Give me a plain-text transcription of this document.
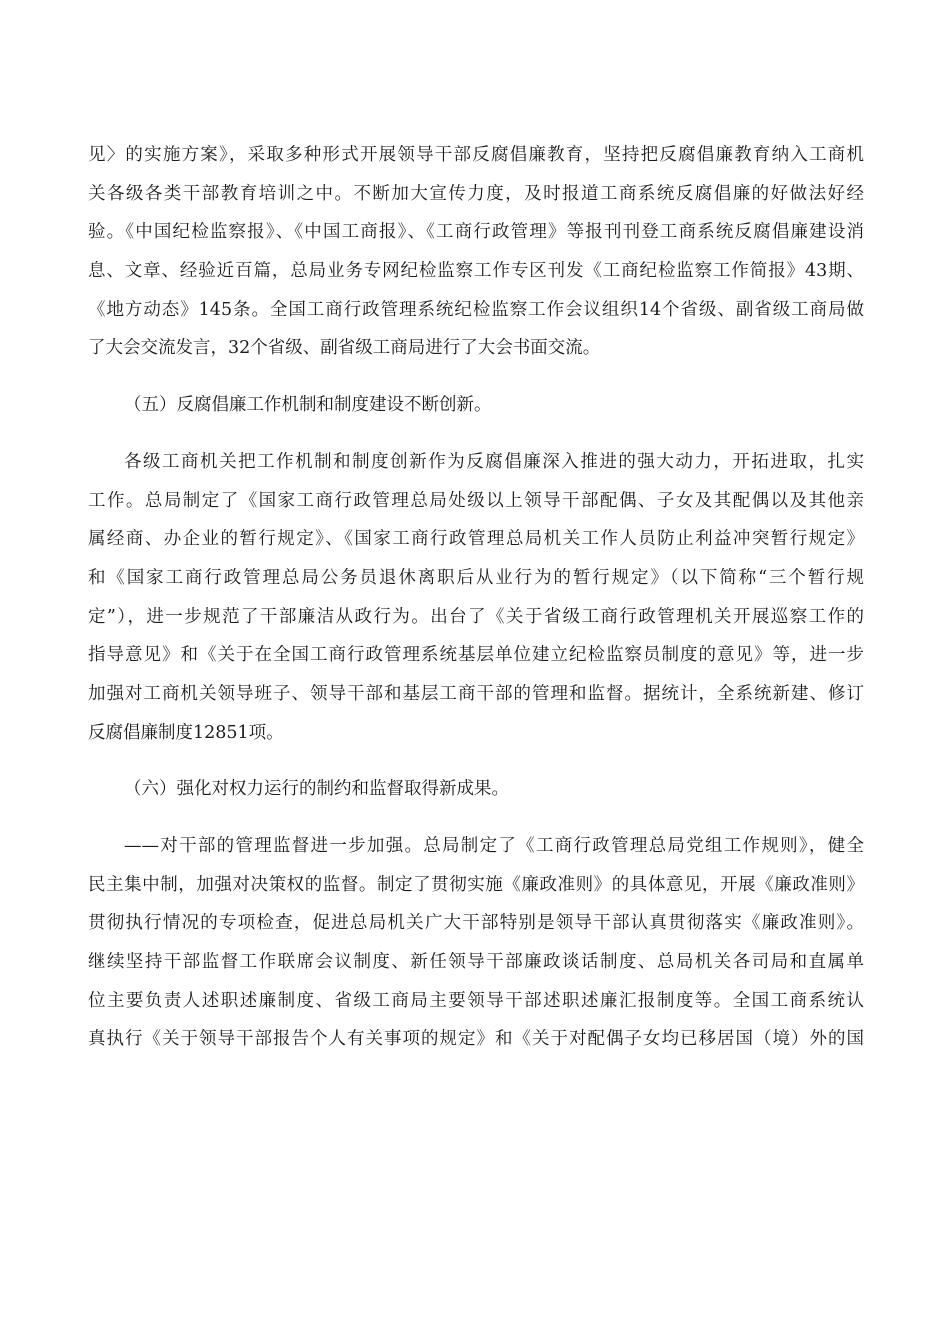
见〉的实施方案》，采取多种形式开展领导干部反腐倡廉教育，坚持把反腐倡廉教育纳入工商机
关各级各类干部教育培训之中。不断加大宣传力度，及时报道工商系统反腐倡廉的好做法好经
验。《中国纪检监察报》、《中国工商报》、《工商行政管理》等报刊刊登工商系统反腐倡廉建设消
息、文章、经验近百篇，总局业务专网纪检监察工作专区刊发《工商纪检监察工作简报》43期、
《地方动态》145条。全国工商行政管理系统纪检监察工作会议组织14个省级、副省级工商局做
了大会交流发言，32个省级、副省级工商局进行了大会书面交流。
（五）反腐倡廉工作机制和制度建设不断创新。
各级工商机关把工作机制和制度创新作为反腐倡廉深入推进的强大动力，开拓进取，扎实
工作。总局制定了《国家工商行政管理总局处级以上领导干部配偶、子女及其配偶以及其他亲
属经商、办企业的暂行规定》、《国家工商行政管理总局机关工作人员防止利益冲突暂行规定》
和《国家工商行政管理总局公务员退休离职后从业行为的暂行规定》（以下简称“三个暂行规
定”），进一步规范了干部廉洁从政行为。出台了《关于省级工商行政管理机关开展巡察工作的
指导意见》和《关于在全国工商行政管理系统基层单位建立纪检监察员制度的意见》等，进一步
加强对工商机关领导班子、领导干部和基层工商干部的管理和监督。据统计，全系统新建、修订
反腐倡廉制度12851项。
（六）强化对权力运行的制约和监督取得新成果。
——对干部的管理监督进一步加强。总局制定了《工商行政管理总局党组工作规则》，健全
民主集中制，加强对决策权的监督。制定了贯彻实施《廉政准则》的具体意见，开展《廉政准则》
贯彻执行情况的专项检查，促进总局机关广大干部特别是领导干部认真贯彻落实《廉政准则》。
继续坚持干部监督工作联席会议制度、新任领导干部廉政谈话制度、总局机关各司局和直属单
位主要负责人述职述廉制度、省级工商局主要领导干部述职述廉汇报制度等。全国工商系统认
真执行《关于领导干部报告个人有关事项的规定》和《关于对配偶子女均已移居国（境）外的国
